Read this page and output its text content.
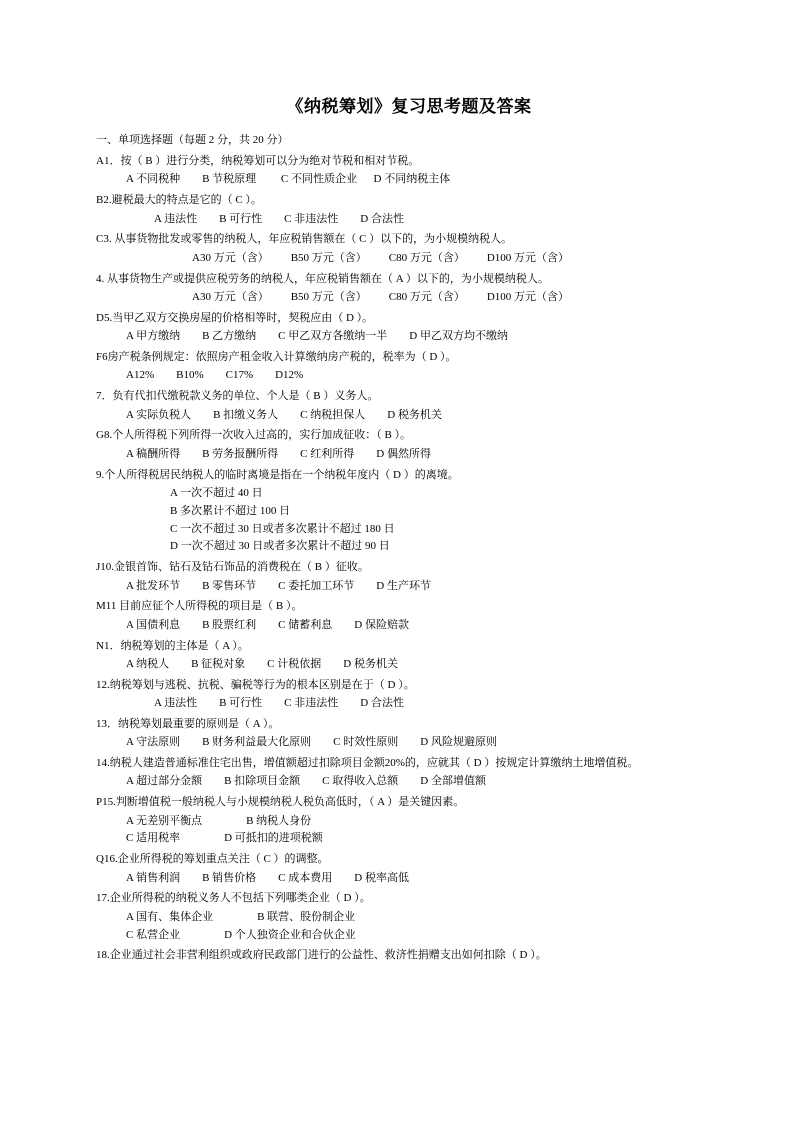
《纳税筹划》复习思考题及答案
一、单项选择题（每题 2 分，共 20 分）
A1．按（ B ）进行分类，纳税筹划可以分为绝对节税和相对节税。
A 不同税种        B 节税原理         C 不同性质企业      D 不同纳税主体
B2.避税最大的特点是它的（ C ）。
A 违法性        B 可行性        C 非违法性        D 合法性
C3. 从事货物批发或零售的纳税人，年应税销售额在（ C ）以下的，为小规模纳税人。
A30 万元（含）        B50 万元（含）        C80 万元（含）        D100 万元（含）
4. 从事货物生产或提供应税劳务的纳税人，年应税销售额在（ A ）以下的，为小规模纳税人。
A30 万元（含）        B50 万元（含）        C80 万元（含）        D100 万元（含）
D5.当甲乙双方交换房屋的价格相等时，契税应由（ D ）。
A 甲方缴纳        B 乙方缴纳        C 甲乙双方各缴纳一半        D 甲乙双方均不缴纳
F6房产税条例规定：依照房产租金收入计算缴纳房产税的，税率为（ D ）。
A12%        B10%        C17%        D12%
7．负有代扣代缴税款义务的单位、个人是（ B ）义务人。
A 实际负税人        B 扣缴义务人        C 纳税担保人        D 税务机关
G8.个人所得税下列所得一次收入过高的，实行加成征收：（ B ）。
A 稿酬所得        B 劳务报酬所得        C 红利所得        D 偶然所得
9.个人所得税居民纳税人的临时离境是指在一个纳税年度内（ D ）的离境。
A 一次不超过 40 日
B 多次累计不超过 100 日
C 一次不超过 30 日或者多次累计不超过 180 日
D 一次不超过 30 日或者多次累计不超过 90 日
J10.金银首饰、钻石及钻石饰品的消费税在（ B ）征收。
A 批发环节        B 零售环节        C 委托加工环节        D 生产环节
M11 目前应征个人所得税的项目是（ B ）。
A 国债利息        B 股票红利        C 储蓄利息        D 保险赔款
N1．纳税筹划的主体是（ A ）。
A 纳税人        B 征税对象        C 计税依据        D 税务机关
12.纳税筹划与逃税、抗税、骗税等行为的根本区别是在于（ D ）。
A 违法性        B 可行性        C 非违法性        D 合法性
13．纳税筹划最重要的原则是（ A ）。
A 守法原则        B 财务利益最大化原则        C 时效性原则        D 风险规避原则
14.纳税人建造普通标准住宅出售，增值额超过扣除项目金额20%的，应就其（ D ）按规定计算缴纳土地增值税。
A 超过部分金额        B 扣除项目金额        C 取得收入总额        D 全部增值额
P15.判断增值税一般纳税人与小规模纳税人税负高低时，（ A ）是关键因素。
A 无差别平衡点                B 纳税人身份
C 适用税率                D 可抵扣的进项税额
Q16.企业所得税的筹划重点关注（ C ）的调整。
A 销售利润        B 销售价格        C 成本费用        D 税率高低
17.企业所得税的纳税义务人不包括下列哪类企业（ D ）。
A 国有、集体企业                B 联营、股份制企业
C 私营企业                D 个人独资企业和合伙企业
18.企业通过社会非营利组织或政府民政部门进行的公益性、救济性捐赠支出如何扣除（ D ）。
